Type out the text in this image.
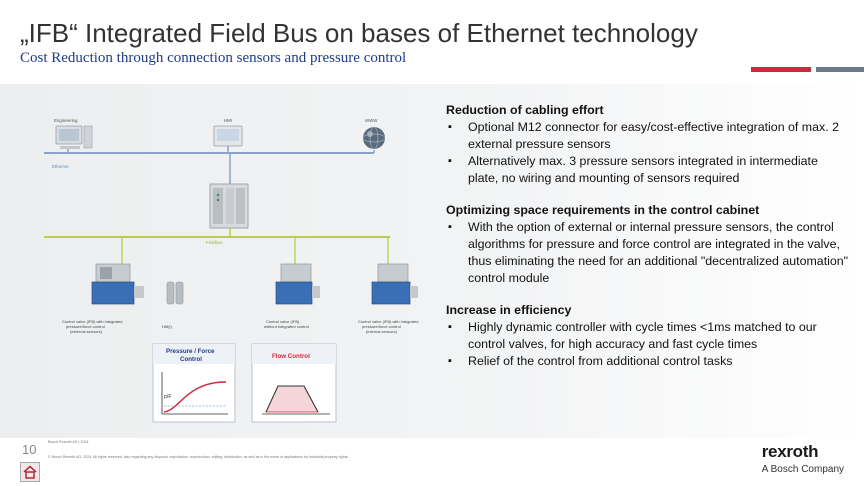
„IFB“ Integrated Field Bus on bases of Ethernet technology
Cost Reduction through connection sensors and pressure control
Engineering	HMI	WWW
Ethernet
Fieldbus
Control valve (IFB) with integrated pressure/force control (external sensors)
HM(i)
Control valve (IFB) without integrated control
Control valve (IFB) with integrated pressure/force control (internal sensors)
Pressure / Force Control
p/F
Flow Control
Reduction of cabling effort
▪ Optional M12 connector for easy/cost-effective integration of max. 2 external pressure sensors
▪ Alternatively max. 3 pressure sensors integrated in intermediate plate, no wiring and mounting of sensors required
Optimizing space requirements in the control cabinet
▪ With the option of external or internal pressure sensors, the control algorithms for pressure and force control are integrated in the valve, thus eliminating the need for an additional "decentralized automation" control module
Increase in efficiency
▪ Highly dynamic controller with cycle times <1ms matched to our control valves, for high accuracy and fast cycle times
▪ Relief of the control from additional control tasks
10	Bosch Rexroth AG | 2024
© Bosch Rexroth AG, 2024. All rights reserved, also regarding any disposal, exploitation, reproduction, editing, distribution, as well as in the event of applications for industrial property rights.	rexroth
A Bosch Company
